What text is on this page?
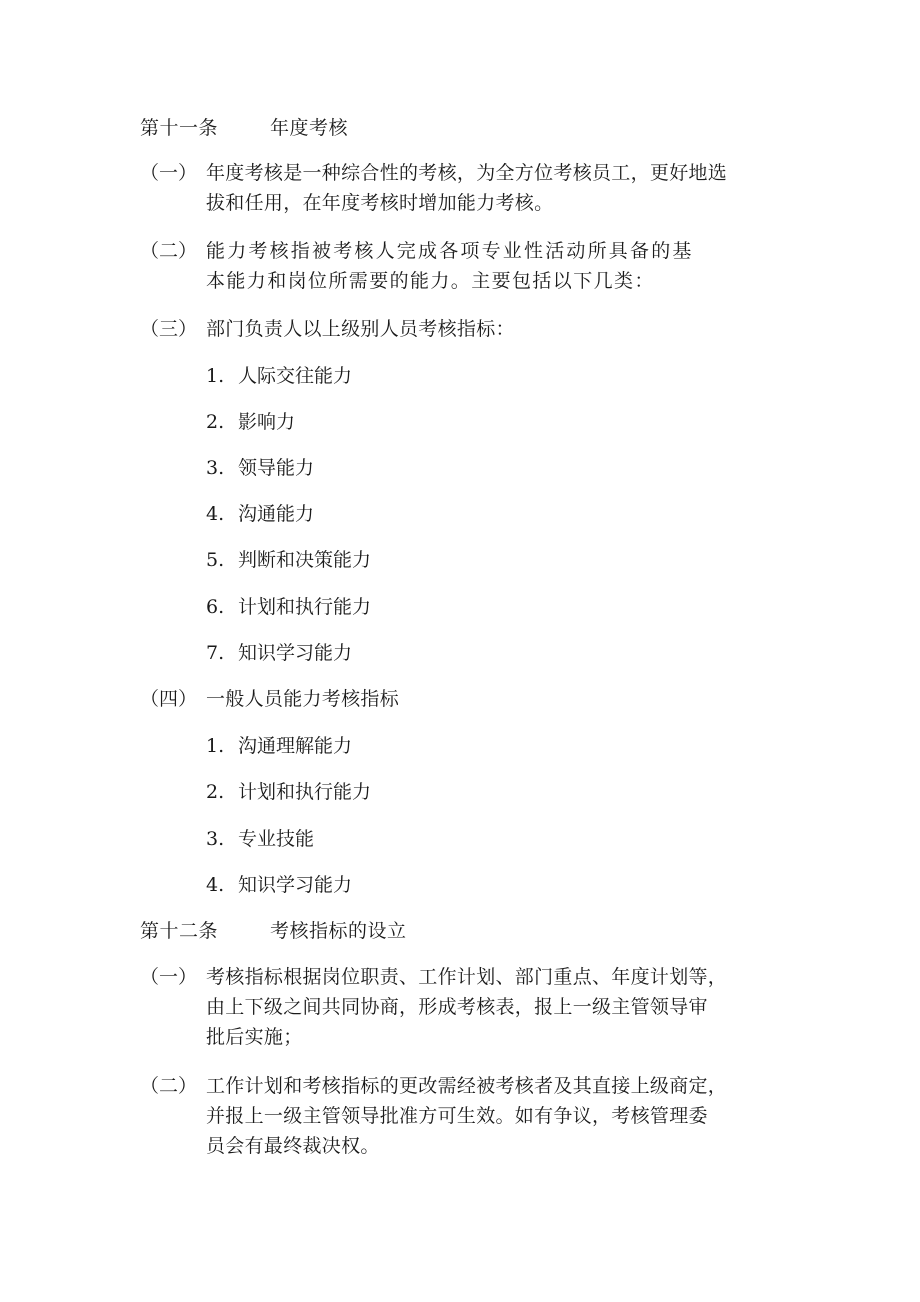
第十一条	年度考核
（一） 年度考核是一种综合性的考核，为全方位考核员工，更好地选
拔和任用，在年度考核时增加能力考核。
（二） 能力考核指被考核人完成各项专业性活动所具备的基
本能力和岗位所需要的能力。主要包括以下几类：
（三） 部门负责人以上级别人员考核指标：
1. 人际交往能力
2. 影响力
3. 领导能力
4. 沟通能力
5. 判断和决策能力
6. 计划和执行能力
7. 知识学习能力
（四） 一般人员能力考核指标
1. 沟通理解能力
2. 计划和执行能力
3. 专业技能
4. 知识学习能力
第十二条	考核指标的设立
（一） 考核指标根据岗位职责、工作计划、部门重点、年度计划等，
由上下级之间共同协商，形成考核表，报上一级主管领导审
批后实施；
（二） 工作计划和考核指标的更改需经被考核者及其直接上级商定，
并报上一级主管领导批准方可生效。如有争议，考核管理委
员会有最终裁决权。
